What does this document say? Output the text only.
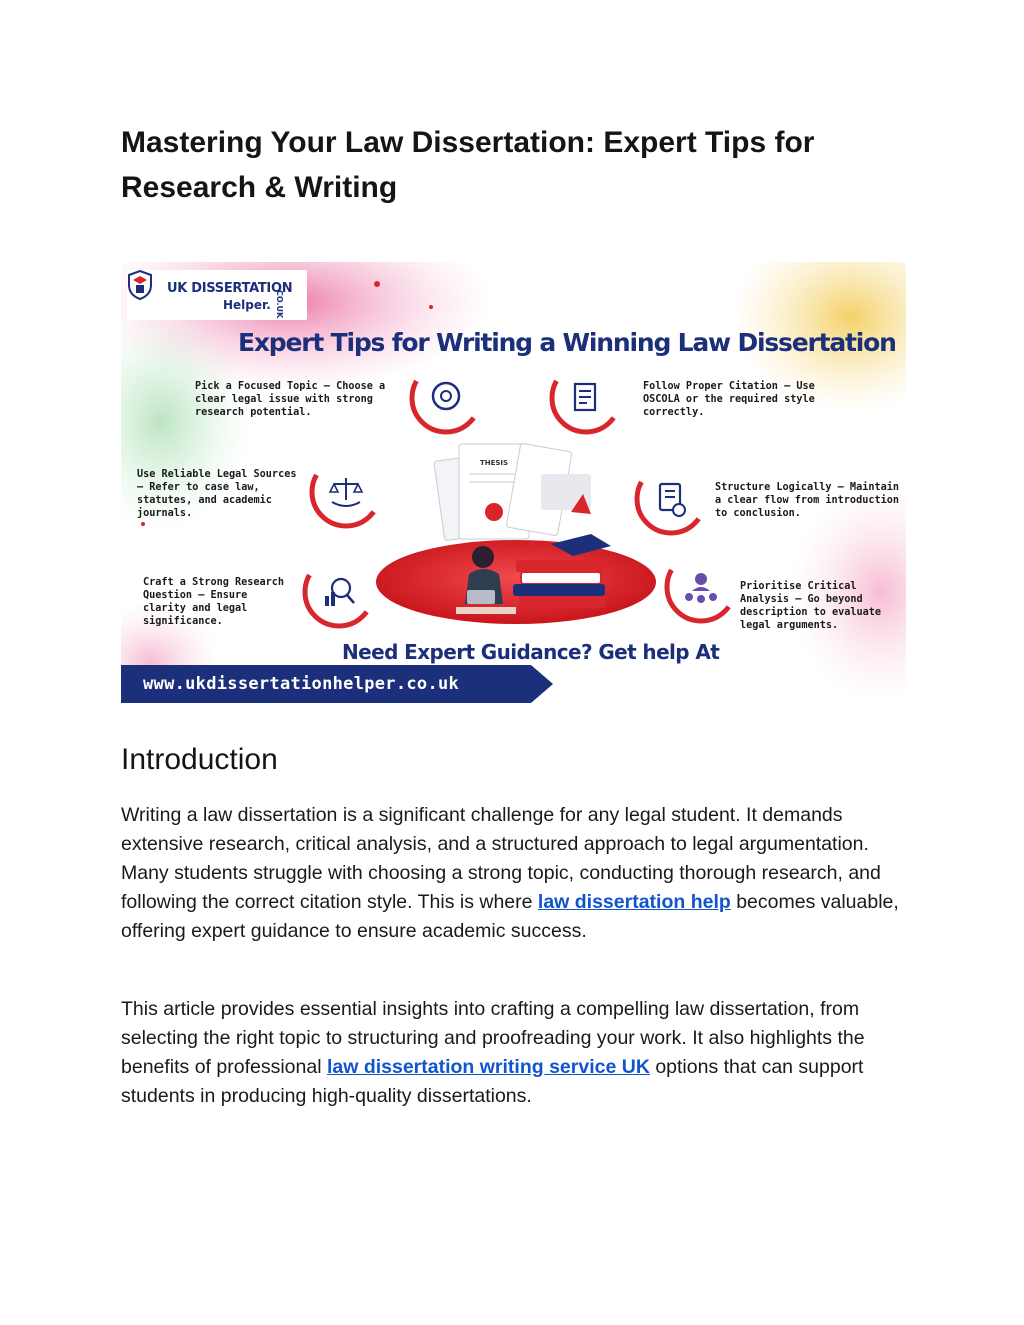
Mastering Your Law Dissertation: Expert Tips for Research & Writing
THESIS
UK DISSERTATION
Helper. CO.UK
Expert Tips for Writing a Winning Law Dissertation
Pick a Focused Topic – Choose a clear legal issue with strong research potential.
Follow Proper Citation – Use OSCOLA or the required style correctly.
Use Reliable Legal Sources – Refer to case law, statutes, and academic journals.
Structure Logically – Maintain a clear flow from introduction to conclusion.
Craft a Strong Research Question – Ensure clarity and legal significance.
Prioritise Critical Analysis – Go beyond description to evaluate legal arguments.
Need Expert Guidance? Get help At
www.ukdissertationhelper.co.uk
Introduction

Writing a law dissertation is a significant challenge for any legal student. It demands extensive research, critical analysis, and a structured approach to legal argumentation. Many students struggle with choosing a strong topic, conducting thorough research, and following the correct citation style. This is where law dissertation help becomes valuable, offering expert guidance to ensure academic success.

This article provides essential insights into crafting a compelling law dissertation, from selecting the right topic to structuring and proofreading your work. It also highlights the benefits of professional law dissertation writing service UK options that can support students in producing high-quality dissertations.
